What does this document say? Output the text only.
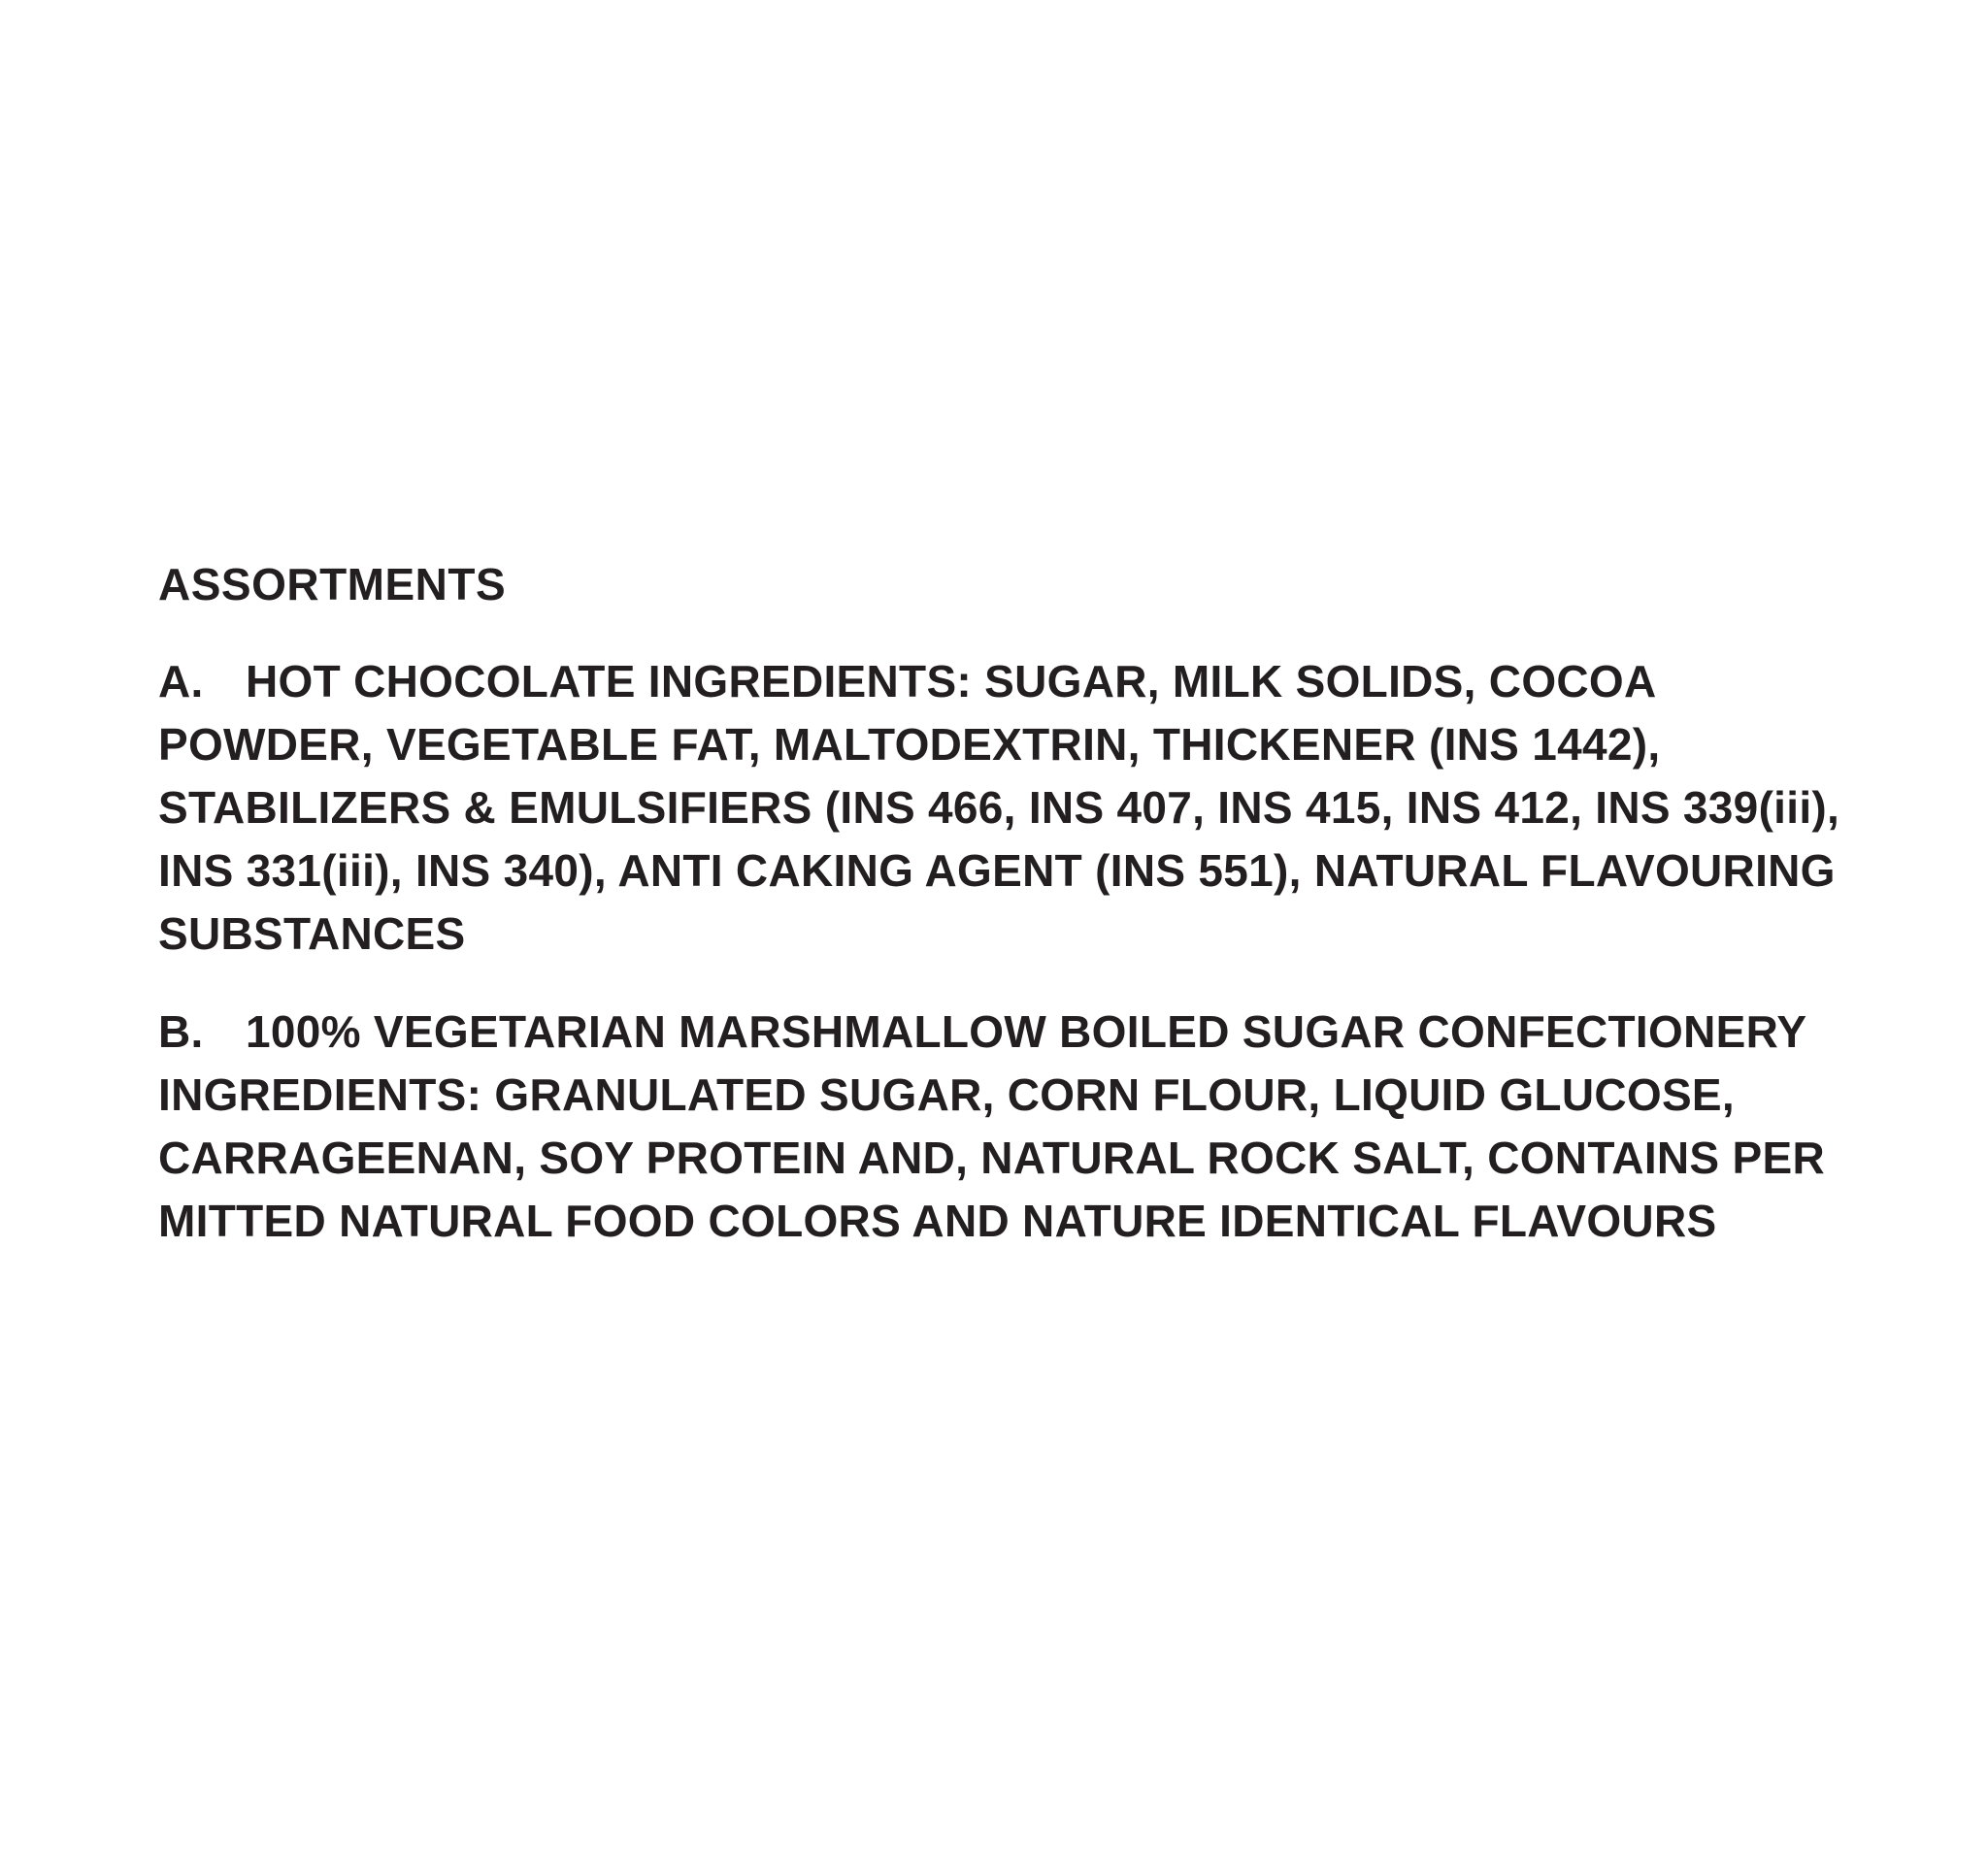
ASSORTMENTS
A. HOT CHOCOLATE INGREDIENTS: SUGAR, MILK SOLIDS, COCOA POWDER, VEGETABLE FAT, MALTODEXTRIN, THICKENER (INS 1442), STABILIZERS & EMULSIFIERS (INS 466, INS 407, INS 415, INS 412, INS 339(iii), INS 331(iii), INS 340), ANTI CAKING AGENT (INS 551), NATURAL FLAVOURING SUBSTANCES
B. 100% VEGETARIAN MARSHMALLOW BOILED SUGAR CONFECTIONERY INGREDIENTS: GRANULATED SUGAR, CORN FLOUR, LIQUID GLUCOSE, CARRAGEENAN, SOY PROTEIN AND, NATURAL ROCK SALT, CONTAINS PER MITTED NATURAL FOOD COLORS AND NATURE IDENTICAL FLAVOURS
